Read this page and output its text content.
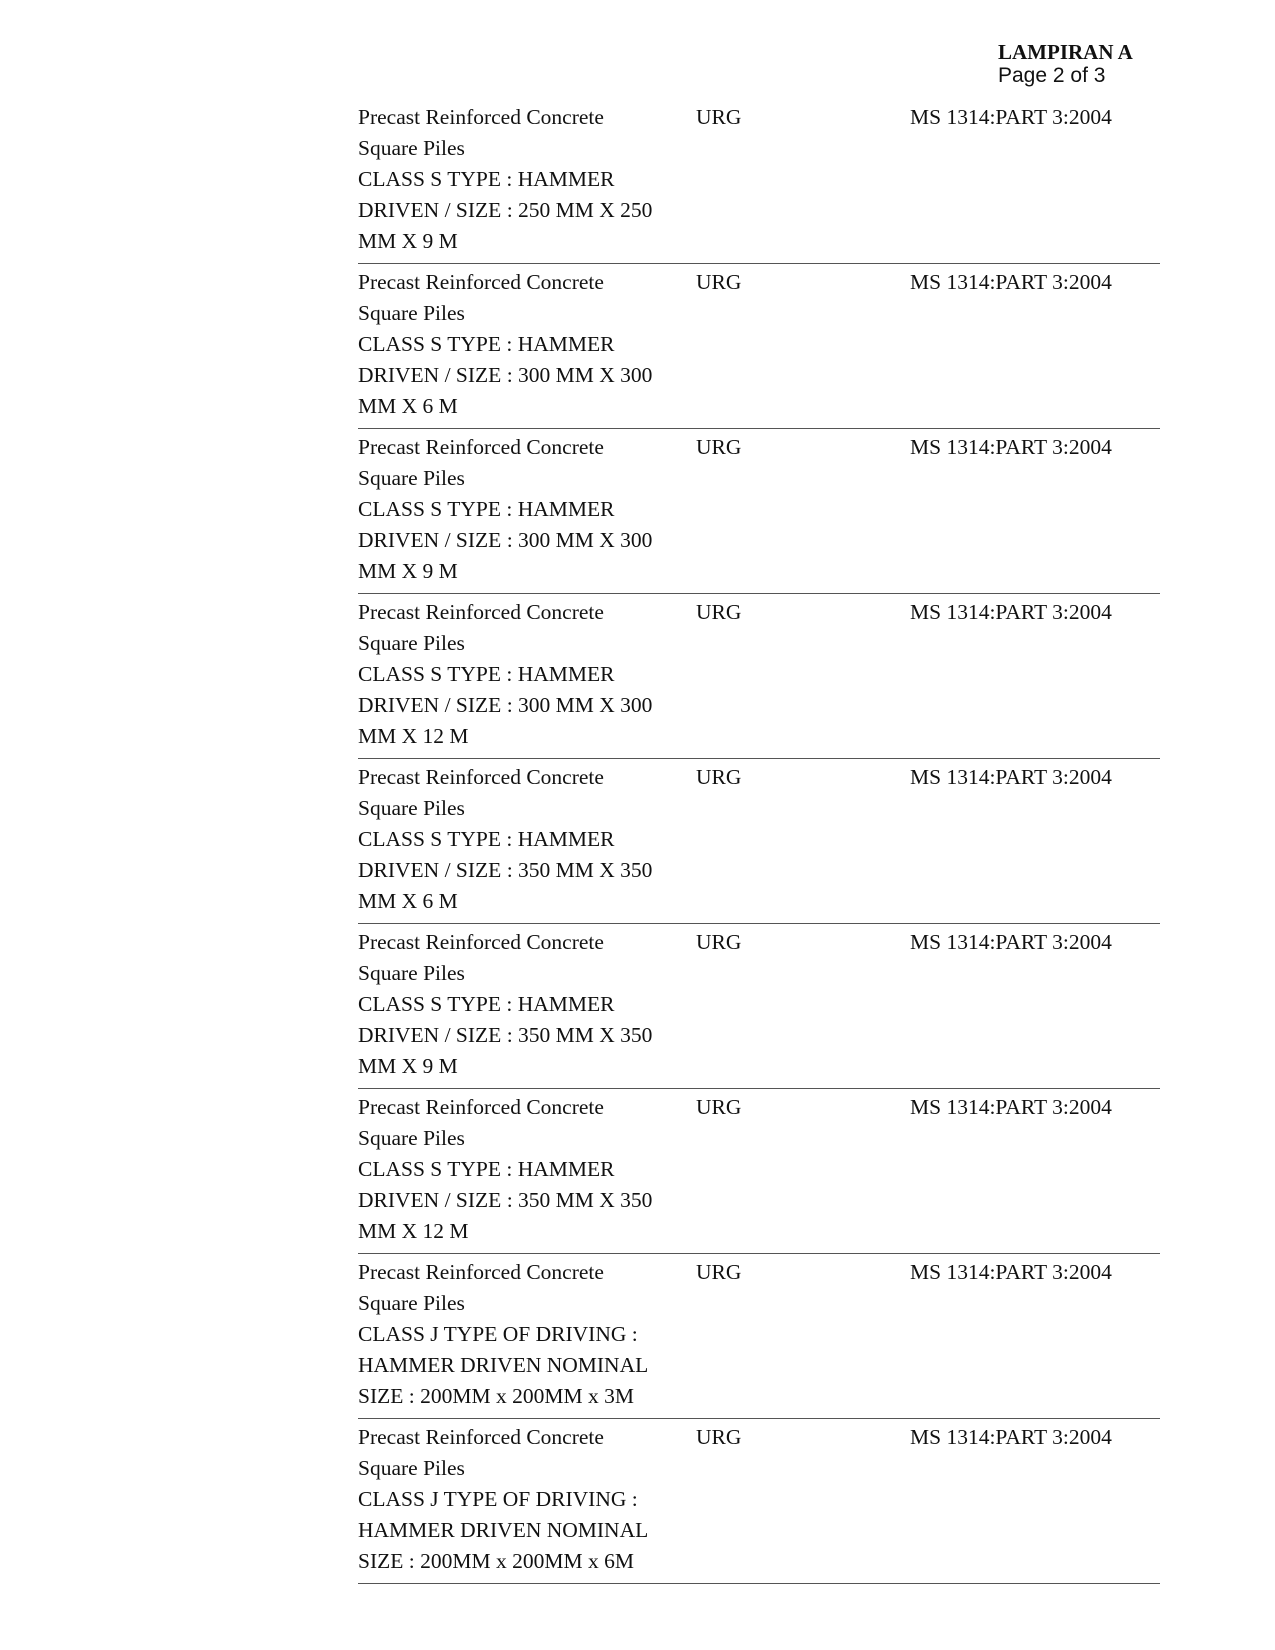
LAMPIRAN A
Page 2 of 3
Precast Reinforced Concrete
Square Piles
CLASS S TYPE : HAMMER
DRIVEN / SIZE : 250 MM X 250
MM X 9 M
URG	MS 1314:PART 3:2004
Precast Reinforced Concrete
Square Piles
CLASS S TYPE : HAMMER
DRIVEN / SIZE : 300 MM X 300
MM X 6 M
URG	MS 1314:PART 3:2004
Precast Reinforced Concrete
Square Piles
CLASS S TYPE : HAMMER
DRIVEN / SIZE : 300 MM X 300
MM X 9 M
URG	MS 1314:PART 3:2004
Precast Reinforced Concrete
Square Piles
CLASS S TYPE : HAMMER
DRIVEN / SIZE : 300 MM X 300
MM X 12 M
URG	MS 1314:PART 3:2004
Precast Reinforced Concrete
Square Piles
CLASS S TYPE : HAMMER
DRIVEN / SIZE : 350 MM X 350
MM X 6 M
URG	MS 1314:PART 3:2004
Precast Reinforced Concrete
Square Piles
CLASS S TYPE : HAMMER
DRIVEN / SIZE : 350 MM X 350
MM X 9 M
URG	MS 1314:PART 3:2004
Precast Reinforced Concrete
Square Piles
CLASS S TYPE : HAMMER
DRIVEN / SIZE : 350 MM X 350
MM X 12 M
URG	MS 1314:PART 3:2004
Precast Reinforced Concrete
Square Piles
CLASS J TYPE OF DRIVING :
HAMMER DRIVEN NOMINAL
SIZE : 200MM x 200MM x 3M
URG	MS 1314:PART 3:2004
Precast Reinforced Concrete
Square Piles
CLASS J TYPE OF DRIVING :
HAMMER DRIVEN NOMINAL
SIZE : 200MM x 200MM x 6M
URG	MS 1314:PART 3:2004
